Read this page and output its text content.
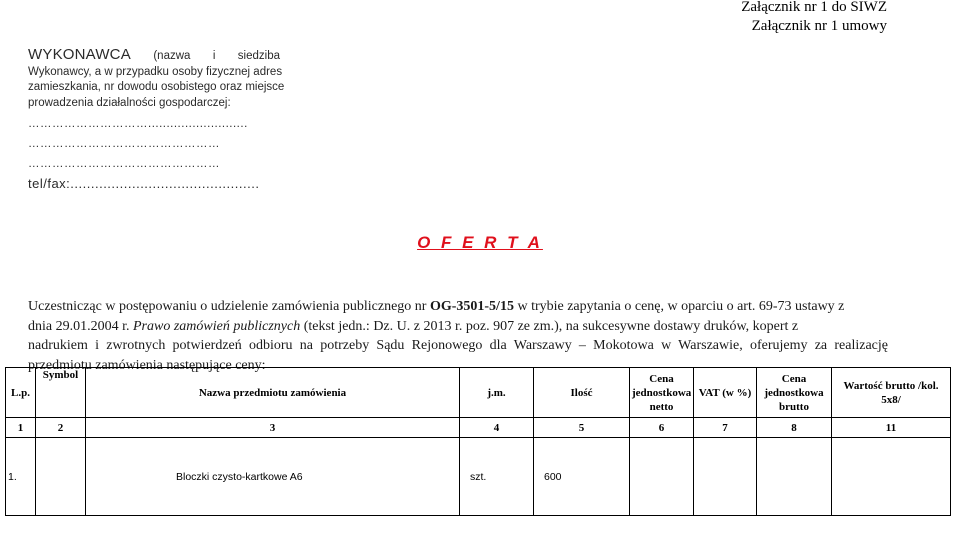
Załącznik nr 1 do SIWZ
Załącznik nr 1 umowy
WYKONAWCA (nazwa i siedziba
Wykonawcy, a w przypadku osoby fizycznej adres
zamieszkania, nr dowodu osobistego oraz miejsce
prowadzenia działalności gospodarczej:
…………………………...........................
…………………………………………
…………………………………………
tel/fax:..............................................
O F E R T A
Uczestnicząc w postępowaniu o udzielenie zamówienia publicznego nr OG-3501-5/15 w trybie zapytania o cenę, w oparciu o art. 69-73 ustawy z
dnia 29.01.2004 r. Prawo zamówień publicznych (tekst jedn.: Dz. U. z 2013 r. poz. 907 ze zm.), na sukcesywne dostawy druków, kopert z
nadrukiem i zwrotnych potwierdzeń odbioru na potrzeby Sądu Rejonowego dla Warszawy – Mokotowa w Warszawie, oferujemy za realizację
przedmiotu zamówienia następujące ceny:
L.p.	Symbol	Nazwa przedmiotu zamówienia	j.m.	Ilość	Cena jednostkowa netto	VAT (w %)	Cena jednostkowa brutto	Wartość brutto /kol. 5x8/
1	2	3	4	5	6	7	8	11
1.		Bloczki czysto-kartkowe A6	szt.	600				
